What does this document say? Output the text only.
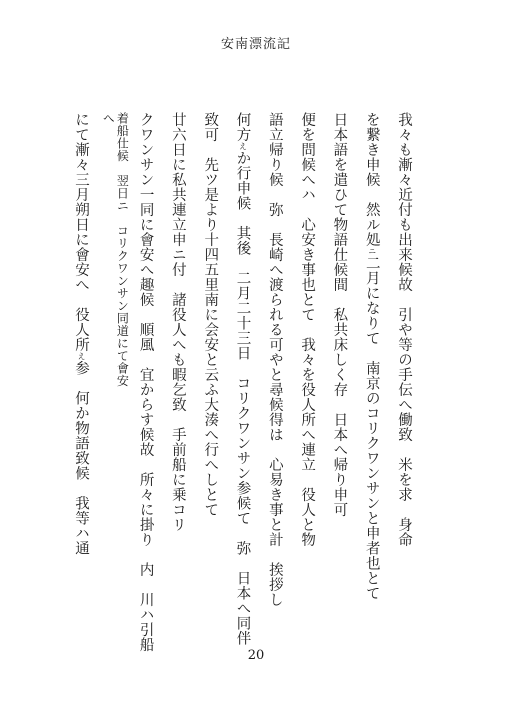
安南漂流記
我々も漸々近付も出来候故　引や等の手伝へ働致　米を求　身命
を繋き申候　然ル処ニ二月になりて　南京のコリクワンサンと申者也とて
日本語を遣ひて物語仕候間　私共床しく存　日本へ帰り申可
便を問候へハ　心安き事也とて　我々を役人所へ連立　役人と物
語立帰り候　弥　長崎へ渡られる可やと尋候得は　心易き事と計　挨拶し
何方えか行申候　其後　二月二十三日　コリクワンサン参候て　弥　日本へ同伴
致可　先ツ是より十四五里南に会安と云ふ大湊へ行へしとて
廿六日に私共連立申ニ付　諸役人へも暇乞致　手前船に乗コリ
クワンサン一同に會安へ趣候　順風　宜からす候故　所々に掛り　内　川ハ引船
着船仕候　翌日ニ　コリクワンサン同道にて會安
へ
にて漸々三月朔日に會安へ　役人所え参　何か物語致候　我等ハ通
20
